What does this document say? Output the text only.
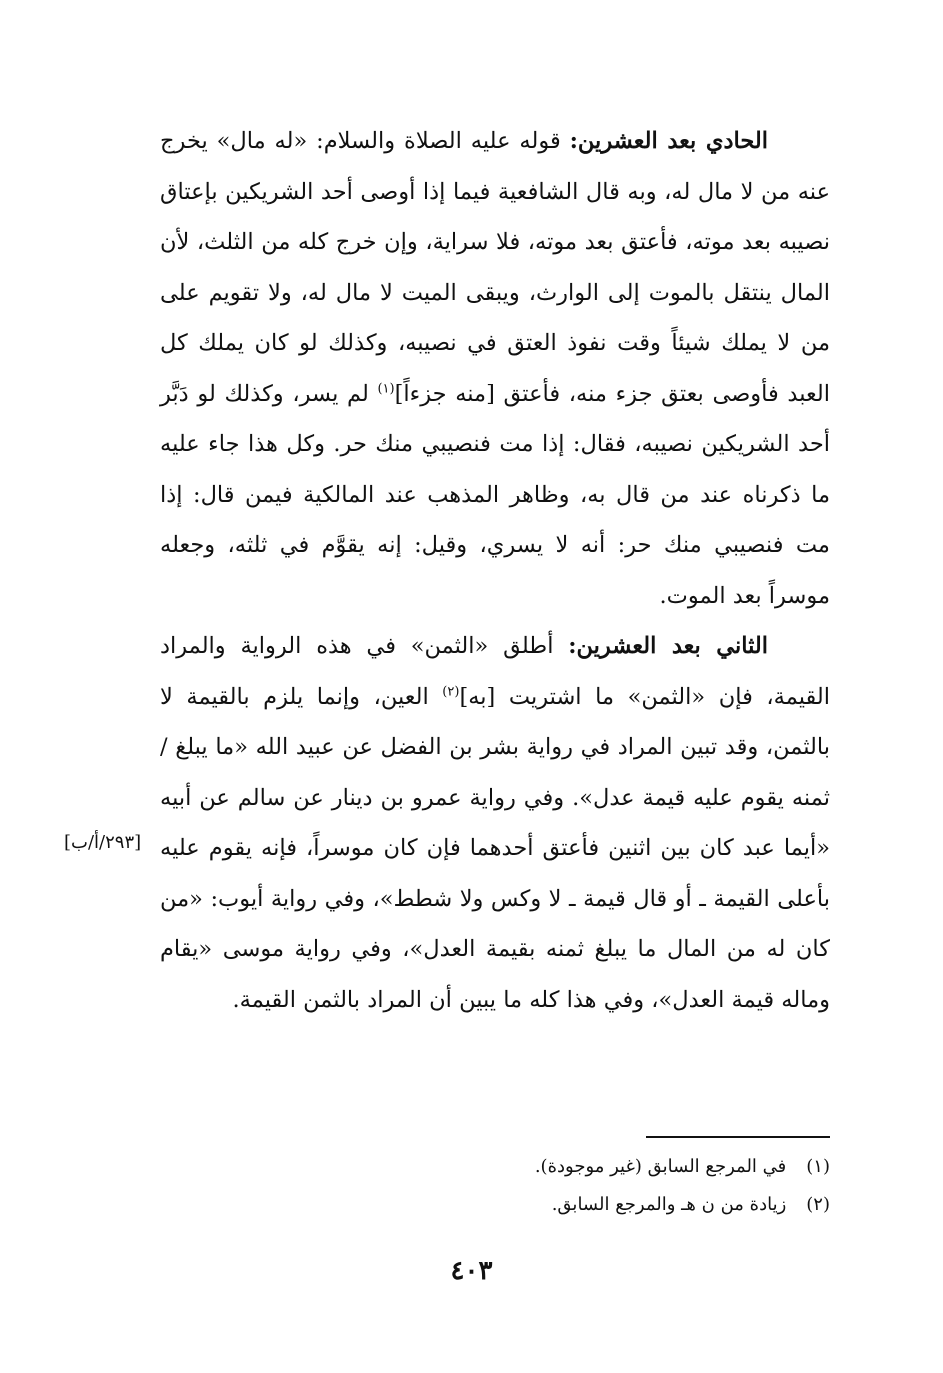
الحادي بعد العشرين: قوله عليه الصلاة والسلام: «له مال» يخرج عنه من لا مال له، وبه قال الشافعية فيما إذا أوصى أحد الشريكين بإعتاق نصيبه بعد موته، فأعتق بعد موته، فلا سراية، وإن خرج كله من الثلث، لأن المال ينتقل بالموت إلى الوارث، ويبقى الميت لا مال له، ولا تقويم على من لا يملك شيئاً وقت نفوذ العتق في نصيبه، وكذلك لو كان يملك كل العبد فأوصى بعتق جزء منه، فأعتق [منه جزءاً]$^{(١)}$ لم يسر، وكذلك لو دَبَّر أحد الشريكين نصيبه، فقال: إذا مت فنصيبي منك حر. وكل هذا جاء عليه ما ذكرناه عند من قال به، وظاهر المذهب عند المالكية فيمن قال: إذا مت فنصيبي منك حر: أنه لا يسري، وقيل: إنه يقوَّم في ثلثه، وجعله موسراً بعد الموت.

الثاني بعد العشرين: أطلق «الثمن» في هذه الرواية والمراد القيمة، فإن «الثمن» ما اشتريت [به]$^{(٢)}$ العين، وإنما يلزم بالقيمة لا بالثمن، وقد تبين المراد في رواية بشر بن الفضل عن عبيد الله «ما يبلغ / ثمنه يقوم عليه قيمة عدل». وفي رواية عمرو بن دينار عن سالم عن أبيه «أيما عبد كان بين اثنين فأعتق أحدهما فإن كان موسراً، فإنه يقوم عليه بأعلى القيمة ـ أو قال قيمة ـ لا وكس ولا شطط»، وفي رواية أيوب: «من كان له من المال ما يبلغ ثمنه بقيمة العدل»، وفي رواية موسى «يقام وماله قيمة العدل»، وفي هذا كله ما يبين أن المراد بالثمن القيمة.

[٢٩٣/أ/ب]
(١) في المرجع السابق (غير موجودة).
(٢) زيادة من ن هـ والمرجع السابق.
٤٠٣
